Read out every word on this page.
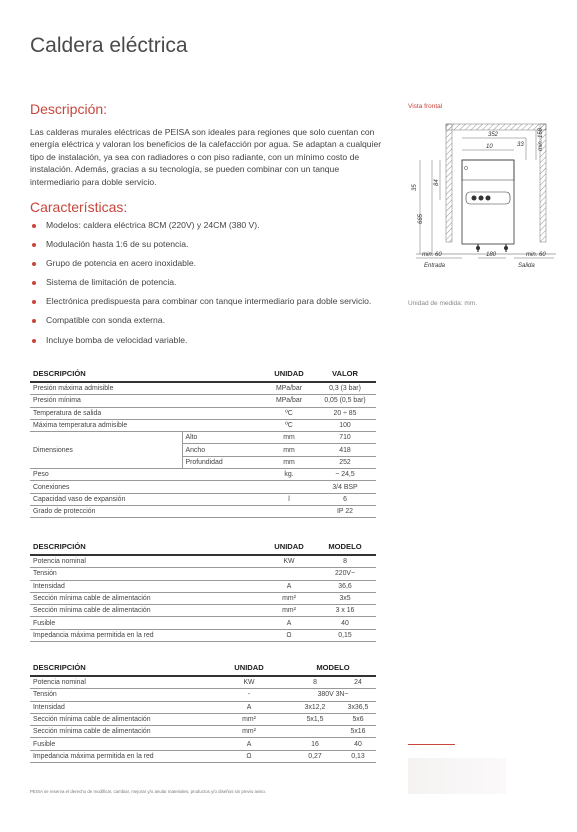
Caldera eléctrica
Descripción:

Las calderas murales eléctricas de PEISA son ideales para regiones que solo cuentan con energía eléctrica y valoran los beneficios de la calefacción por agua. Se adaptan a cualquier tipo de instalación, ya sea con radiadores o con piso radiante, con un mínimo costo de instalación. Además, gracias a su tecnología, se pueden combinar con un tanque intermediario para doble servicio.

Características:
Modelos: caldera eléctrica 8CM (220V) y 24CM (380 V).
Modulación hasta 1:6 de su potencia.
Grupo de potencia en acero inoxidable.
Sistema de limitación de potencia.
Electrónica predispuesta para combinar con tanque intermediario para doble servicio.
Compatible con sonda externa.
Incluye bomba de velocidad variable.

Vista frontal

352
33 min. 150
10
35
84
665
min. 60	180	min. 60
Entrada	Salida

Unidad de medida: mm.

DESCRIPCIÓN		UNIDAD	VALOR
Presión máxima admisible		MPa/bar	0,3 (3 bar)
Presión mínima		MPa/bar	0,05 (0,5 bar)
Temperatura de salida		ºC	20 ÷ 85
Máxima temperatura admisible		ºC	100
Dimensiones	Alto	mm	710
	Ancho	mm	418
	Profundidad	mm	252
Peso		kg.	~ 24,5
Conexiones			3/4 BSP
Capacidad vaso de expansión		l	6
Grado de protección			IP 22
DESCRIPCIÓN	UNIDAD	MODELO
Potencia nominal	KW	8
Tensión		220V~
Intensidad	A	36,6
Sección mínima cable de alimentación	mm²	3x5
Sección mínima cable de alimentación	mm²	3 x 16
Fusible	A	40
Impedancia máxima permitida en la red	Ω	0,15
DESCRIPCIÓN	UNIDAD	MODELO	
Potencia nominal	KW	8	24
Tensión	-	380V 3N~	
Intensidad	A	3x12,2	3x36,5
Sección mínima cable de alimentación	mm²	5x1,5	5x6
Sección mínima cable de alimentación	mm²		5x16
Fusible	A	16	40
Impedancia máxima permitida en la red	Ω	0,27	0,13

PEISA se reserva el derecho de modificar, cambiar, mejorar y/o anular materiales, productos y/o diseños sin previo aviso.
